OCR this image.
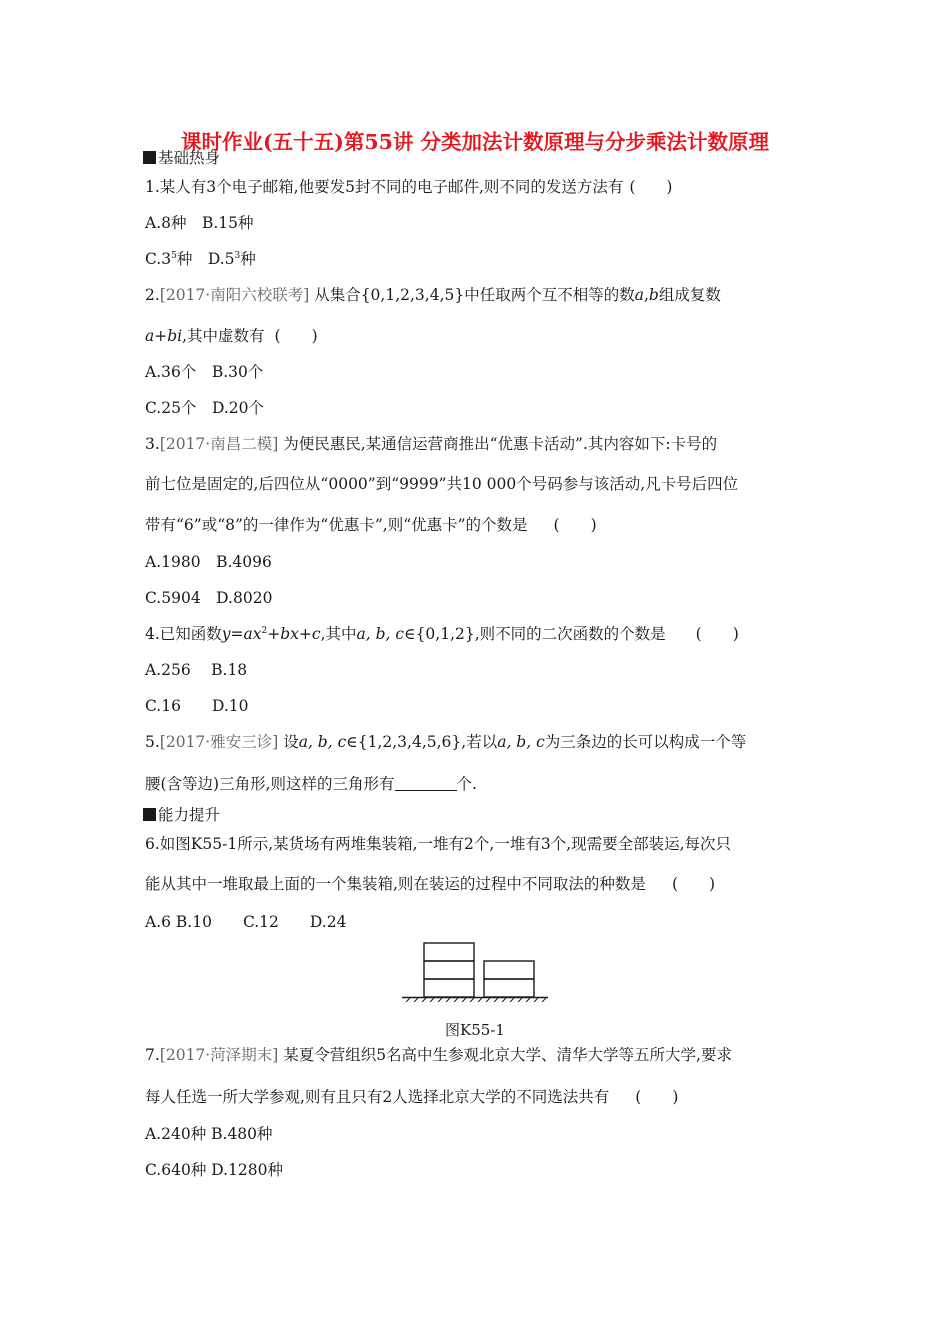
课时作业(五十五)第55讲 分类加法计数原理与分步乘法计数原理
基础热身
1.某人有3个电子邮箱,他要发5封不同的电子邮件,则不同的发送方法有 (　　)
A.8种　B.15种
$C.3^5$种　$D.5^3$种
2.[2017·南阳六校联考] 从集合{0,1,2,3,4,5}中任取两个互不相等的数a,b组成复数
a+bi,其中虚数有 (　　)
A.36个　B.30个
C.25个　D.20个
3.[2017·南昌二模] 为便民惠民,某通信运营商推出“优惠卡活动”.其内容如下:卡号的
前七位是固定的,后四位从“0000”到“9999”共10 000个号码参与该活动,凡卡号后四位
带有“6”或“8”的一律作为“优惠卡”,则“优惠卡”的个数是 (　　)
A.1980　B.4096
C.5904　D.8020
4.已知函数$y=ax^2+bx+c$,其中a, b, c∈{0,1,2},则不同的二次函数的个数是 (　　)
A.256　 B.18
C.16　　D.10
5.[2017·雅安三诊] 设a, b, c∈{1,2,3,4,5,6},若以a, b, c为三条边的长可以构成一个等
腰(含等边)三角形,则这样的三角形有	个.
能力提升
6.如图K55-1所示,某货场有两堆集装箱,一堆有2个,一堆有3个,现需要全部装运,每次只
能从其中一堆取最上面的一个集装箱,则在装运的过程中不同取法的种数是 (　　)
A.6 B.10　　C.12　　D.24
图K55-1
7.[2017·菏泽期末] 某夏令营组织5名高中生参观北京大学、清华大学等五所大学,要求
每人任选一所大学参观,则有且只有2人选择北京大学的不同选法共有 (　　)
A.240种 B.480种
C.640种 D.1280种
